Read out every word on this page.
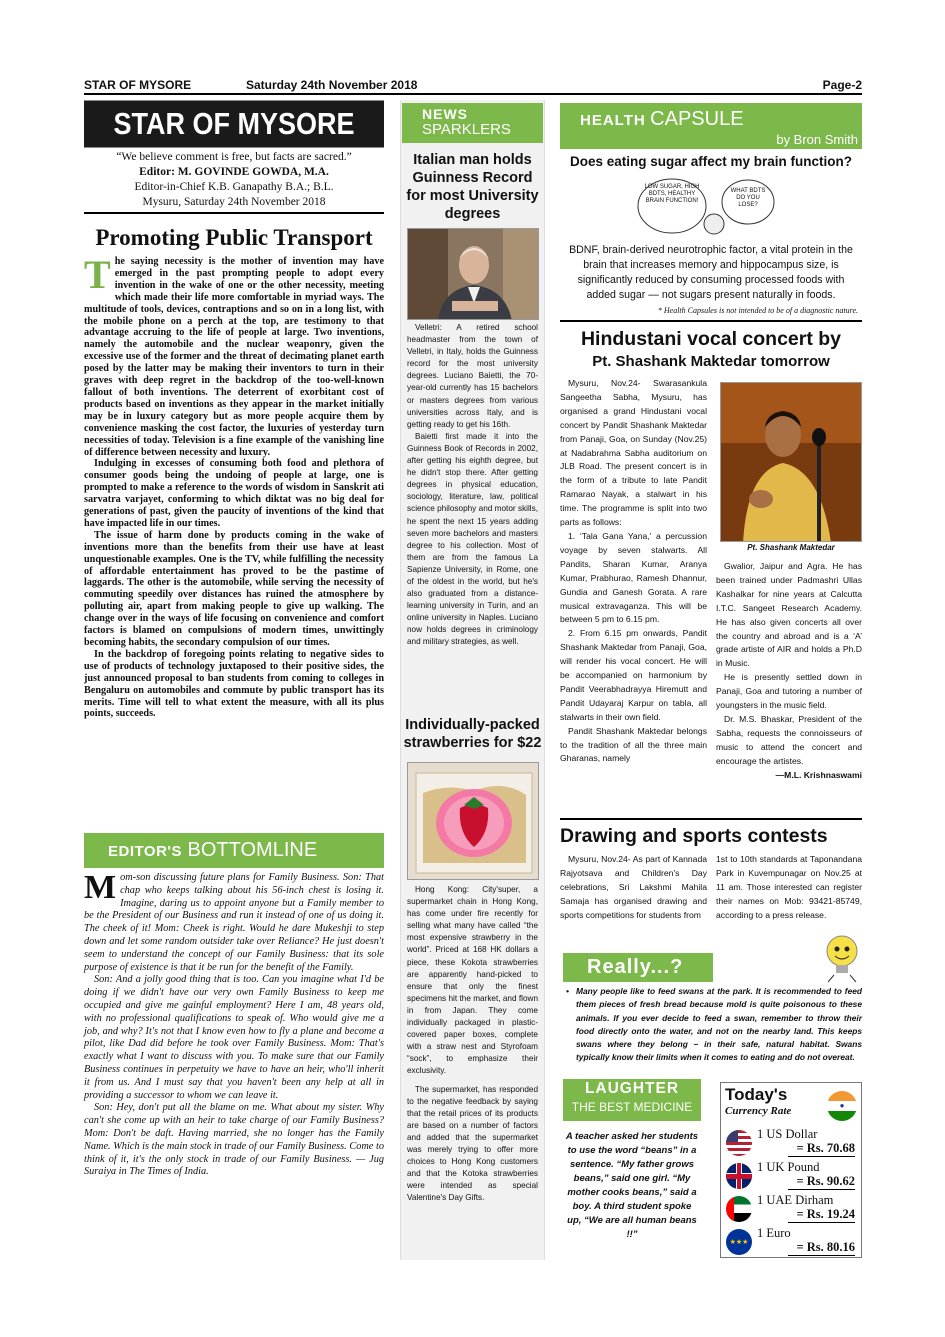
STAR OF MYSORE	Saturday 24th November 2018	Page-2
STAR OF MYSORE
“We believe comment is free, but facts are sacred.”
Editor: M. GOVINDE GOWDA, M.A.
Editor-in-Chief K.B. Ganapathy B.A.; B.L.
Mysuru, Saturday 24th November 2018
Promoting Public Transport
T he saying necessity is the mother of invention may have emerged in the past prompting people to adopt every invention in the wake of one or the other necessity, meeting which made their life more comfortable in myriad ways. The multitude of tools, devices, contraptions and so on in a long list, with the mobile phone on a perch at the top, are testimony to that advantage accruing to the life of people at large. Two inventions, namely the automobile and the nuclear weaponry, given the excessive use of the former and the threat of decimating planet earth posed by the latter may be making their inventors to turn in their graves with deep regret in the backdrop of the too-well-known fallout of both inventions. The deterrent of exorbitant cost of products based on inventions as they appear in the market initially may be in luxury category but as more people acquire them by convenience masking the cost factor, the luxuries of yesterday turn necessities of today. Television is a fine example of the vanishing line of difference between necessity and luxury.

Indulging in excesses of consuming both food and plethora of consumer goods being the undoing of people at large, one is prompted to make a reference to the words of wisdom in Sanskrit ati sarvatra varjayet, conforming to which diktat was no big deal for generations of past, given the paucity of inventions of the kind that have impacted life in our times.

The issue of harm done by products coming in the wake of inventions more than the benefits from their use have at least unquestionable examples. One is the TV, while fulfilling the necessity of affordable entertainment has proved to be the pastime of laggards. The other is the automobile, while serving the necessity of commuting speedily over distances has ruined the atmosphere by polluting air, apart from making people to give up walking. The change over in the ways of life focusing on convenience and comfort factors is blamed on compulsions of modern times, unwittingly becoming habits, the secondary compulsion of our times.

In the backdrop of foregoing points relating to negative sides to use of products of technology juxtaposed to their positive sides, the just announced proposal to ban students from coming to colleges in Bengaluru on automobiles and commute by public transport has its merits. Time will tell to what extent the measure, with all its plus points, succeeds.

EDITOR'S BOTTOMLINE
M om-son discussing future plans for Family Business. Son: That chap who keeps talking about his 56-inch chest is losing it. Imagine, daring us to appoint anyone but a Family member to be the President of our Business and run it instead of one of us doing it. The cheek of it! Mom: Cheek is right. Would he dare Mukeshji to step down and let some random outsider take over Reliance? He just doesn't seem to understand the concept of our Family Business: that its sole purpose of existence is that it be run for the benefit of the Family.

Son: And a jolly good thing that is too. Can you imagine what I'd be doing if we didn't have our very own Family Business to keep me occupied and give me gainful employment? Here I am, 48 years old, with no professional qualifications to speak of. Who would give me a job, and why? It's not that I know even how to fly a plane and become a pilot, like Dad did before he took over Family Business. Mom: That's exactly what I want to discuss with you. To make sure that our Family Business continues in perpetuity we have to have an heir, who'll inherit it from us. And I must say that you haven't been any help at all in providing a successor to whom we can leave it.

Son: Hey, don't put all the blame on me. What about my sister. Why can't she come up with an heir to take charge of our Family Business? Mom: Don't be daft. Having married, she no longer has the Family Name. Which is the main stock in trade of our Family Business. Come to think of it, it's the only stock in trade of our Family Business. — Jug Suraiya in The Times of India.

NEWS
SPARKLERS
Italian man holds Guinness Record for most University degrees

Velletri: A retired school headmaster from the town of Velletri, in Italy, holds the Guinness record for the most university degrees. Luciano Baietti, the 70-year-old currently has 15 bachelors or masters degrees from various universities across Italy, and is getting ready to get his 16th.

Baietti first made it into the Guinness Book of Records in 2002, after getting his eighth degree, but he didn't stop there. After getting degrees in physical education, sociology, literature, law, political science philosophy and motor skills, he spent the next 15 years adding seven more bachelors and masters degree to his collection. Most of them are from the famous La Sapienze University, in Rome, one of the oldest in the world, but he's also graduated from a distance-learning university in Turin, and an online university in Naples. Luciano now holds degrees in criminology and military strategies, as well.

Individually-packed strawberries for $22

Hong Kong: City'super, a supermarket chain in Hong Kong, has come under fire recently for selling what many have called “the most expensive strawberry in the world”. Priced at 168 HK dollars a piece, these Kokota strawberries are apparently hand-picked to ensure that only the finest specimens hit the market, and flown in from Japan. They come individually packaged in plastic-covered paper boxes, complete with a straw nest and Styrofoam “sock”, to emphasize their exclusivity.

The supermarket, has responded to the negative feedback by saying that the retail prices of its products are based on a number of factors and added that the supermarket was merely trying to offer more choices to Hong Kong customers and that the Kotoka strawberries were intended as special Valentine's Day Gifts.

HEALTH CAPSULE
by Bron Smith
Does eating sugar affect my brain function?
LOW SUGAR, HIGH BDTS, HEALTHY BRAIN FUNCTION!
WHAT BDTS DO YOU LOSE?
BDNF, brain-derived neurotrophic factor, a vital protein in the brain that increases memory and hippocampus size, is significantly reduced by consuming processed foods with added sugar — not sugars present naturally in foods.
* Health Capsules is not intended to be of a diagnostic nature.
Hindustani vocal concert by
Pt. Shashank Maktedar tomorrow

Mysuru, Nov.24- Swarasankula Sangeetha Sabha, Mysuru, has organised a grand Hindustani vocal concert by Pandit Shashank Maktedar from Panaji, Goa, on Sunday (Nov.25) at Nadabrahma Sabha auditorium on JLB Road. The present concert is in the form of a tribute to late Pandit Ramarao Nayak, a stalwart in his time. The programme is split into two parts as follows:

1. ‘Tala Gana Yana,’ a percussion voyage by seven stalwarts. All Pandits, Sharan Kumar, Aranya Kumar, Prabhurao, Ramesh Dhannur, Gundia and Ganesh Gorata. A rare musical extravaganza. This will be between 5 pm to 6.15 pm.

2. From 6.15 pm onwards, Pandit Shashank Maktedar from Panaji, Goa, will render his vocal concert. He will be accompanied on harmonium by Pandit Veerabhadrayya Hiremutt and Pandit Udayaraj Karpur on tabla, all stalwarts in their own field.

Pandit Shashank Maktedar belongs to the tradition of all the three main Gharanas, namely

Pt. Shashank Maktedar

Gwalior, Jaipur and Agra. He has been trained under Padmashri Ullas Kashalkar for nine years at Calcutta I.T.C. Sangeet Research Academy. He has also given concerts all over the country and abroad and is a ‘A’ grade artiste of AIR and holds a Ph.D in Music.

He is presently settled down in Panaji, Goa and tutoring a number of youngsters in the music field.

Dr. M.S. Bhaskar, President of the Sabha, requests the connoisseurs of music to attend the concert and encourage the artistes.

—M.L. Krishnaswami
Drawing and sports contests
Mysuru, Nov.24- As part of Kannada Rajyotsava and Children's Day celebrations, Sri Lakshmi Mahila Samaja has organised drawing and sports competitions for students from
1st to 10th standards at Taponandana Park in Kuvempunagar on Nov.25 at 11 am. Those interested can register their names on Mob: 93421-85749, according to a press release.
Really...?
• Many people like to feed swans at the park. It is recommended to feed them pieces of fresh bread because mold is quite poisonous to these animals. If you ever decide to feed a swan, remember to throw their food directly onto the water, and not on the nearby land. This keeps swans where they belong – in their safe, natural habitat. Swans typically know their limits when it comes to eating and do not overeat.
LAUGHTER
THE BEST MEDICINE
A teacher asked her students to use the word “beans” in a sentence. “My father grows beans,” said one girl. “My mother cooks beans,” said a boy. A third student spoke up, “We are all human beans !!”
Today's
Currency Rate	●
1 US Dollar
= Rs. 70.68
1 UK Pound
= Rs. 90.62
1 UAE Dirham
= Rs. 19.24
★★★
1 Euro
= Rs. 80.16
